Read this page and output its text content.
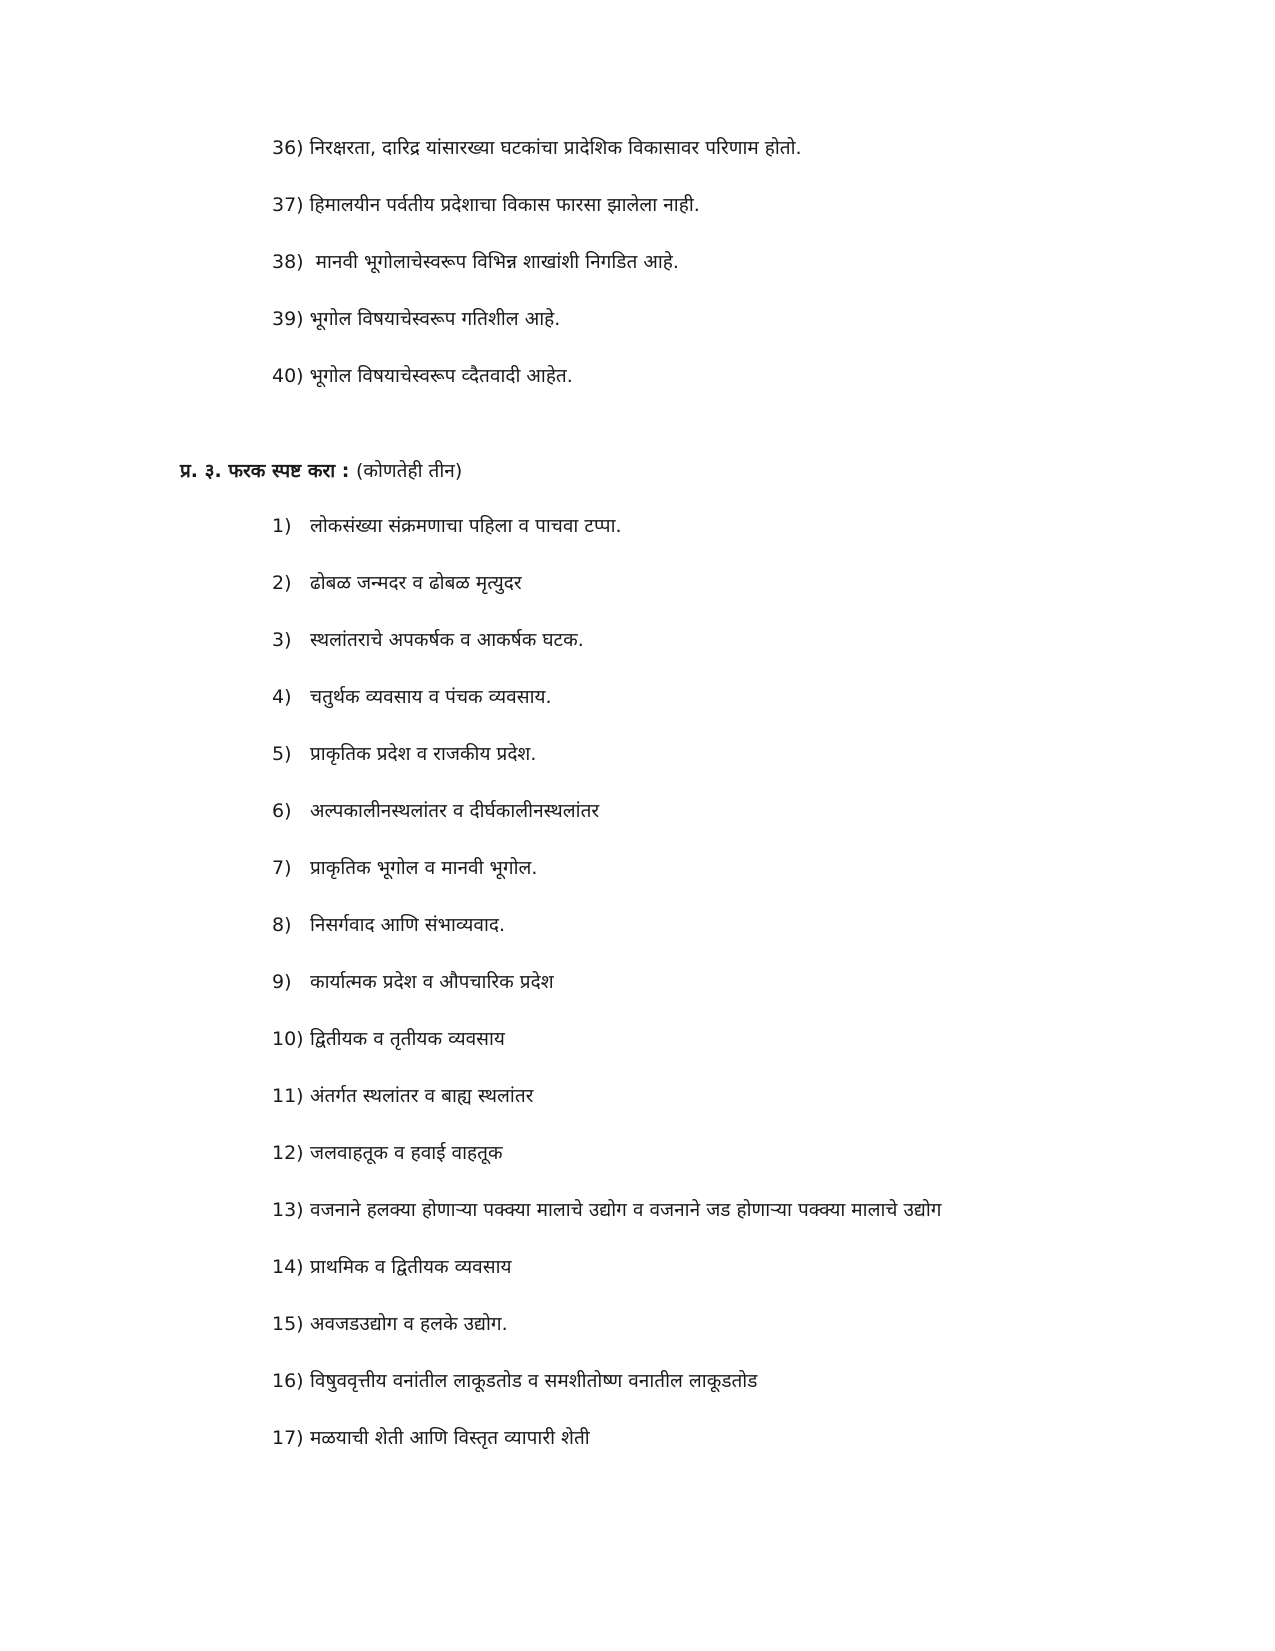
36) निरक्षरता, दारिद्र यांसारख्या घटकांचा प्रादेशिक विकासावर परिणाम होतो.
37) हिमालयीन पर्वतीय प्रदेशाचा विकास फारसा झालेला नाही.
38) मानवी भूगोलाचेस्वरूप विभिन्न शाखांशी निगडित आहे.
39) भूगोल विषयाचेस्वरूप गतिशील आहे.
40) भूगोल विषयाचेस्वरूप व्दैतवादी आहेत.
प्र. ३. फरक स्पष्ट करा : (कोणतेही तीन)
1) लोकसंख्या संक्रमणाचा पहिला व पाचवा टप्पा.
2) ढोबळ जन्मदर व ढोबळ मृत्युदर
3) स्थलांतराचे अपकर्षक व आकर्षक घटक.
4) चतुर्थक व्यवसाय व पंचक व्यवसाय.
5) प्राकृतिक प्रदेश व राजकीय प्रदेश.
6) अल्पकालीनस्थलांतर व दीर्घकालीनस्थलांतर
7) प्राकृतिक भूगोल व मानवी भूगोल.
8) निसर्गवाद आणि संभाव्यवाद.
9) कार्यात्मक प्रदेश व औपचारिक प्रदेश
10) द्वितीयक व तृतीयक व्यवसाय
11) अंतर्गत स्थलांतर व बाह्य स्थलांतर
12) जलवाहतूक व हवाई वाहतूक
13) वजनाने हलक्या होणाऱ्या पक्क्या मालाचे उद्योग व वजनाने जड होणाऱ्या पक्क्या मालाचे उद्योग
14) प्राथमिक व द्वितीयक व्यवसाय
15) अवजडउद्योग व हलके उद्योग.
16) विषुववृत्तीय वनांतील लाकूडतोड व समशीतोष्ण वनातील लाकूडतोड
17) मळयाची शेती आणि विस्तृत व्यापारी शेती
